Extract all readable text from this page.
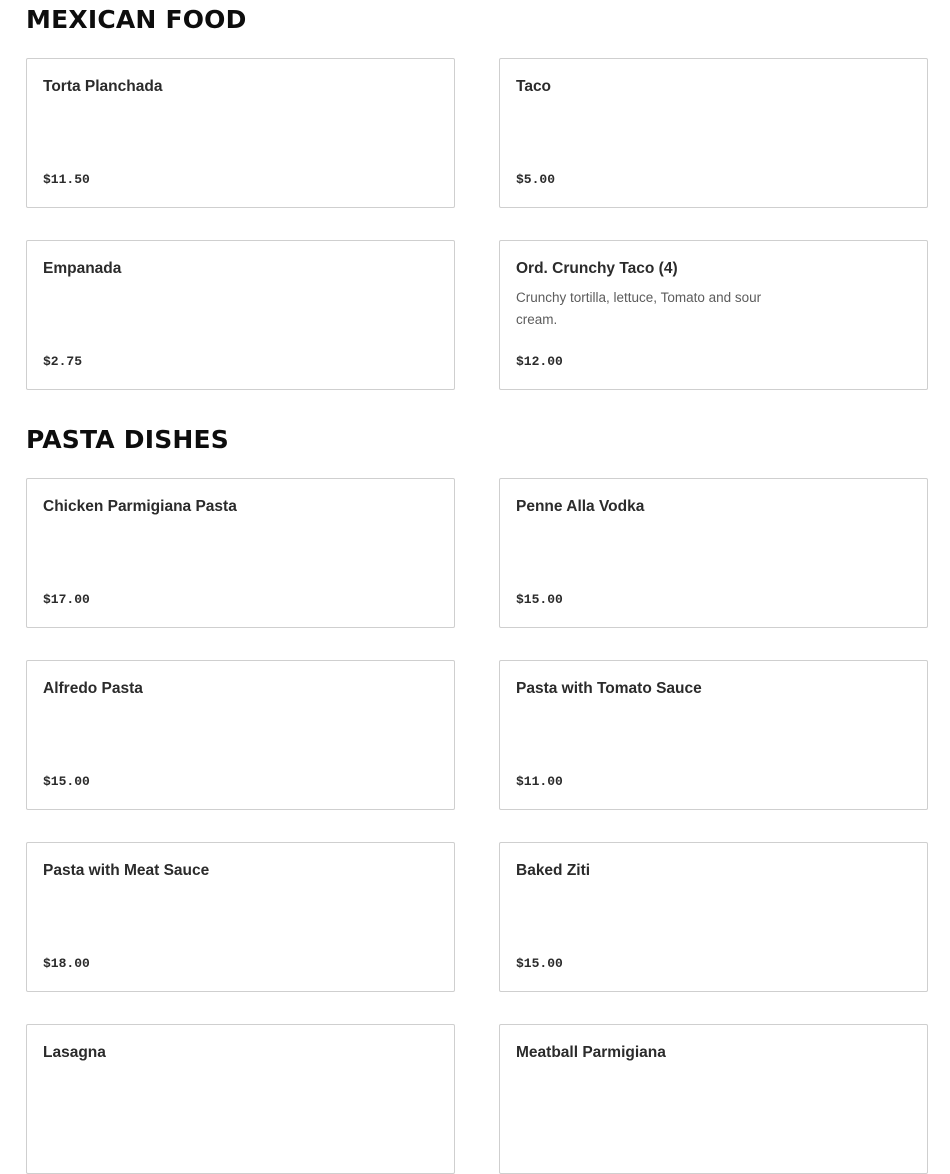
MEXICAN FOOD
Torta Planchada
$11.50
Taco
$5.00
Empanada
$2.75
Ord. Crunchy Taco (4)
Crunchy tortilla, lettuce, Tomato and sour cream.
$12.00
PASTA DISHES
Chicken Parmigiana Pasta
$17.00
Penne Alla Vodka
$15.00
Alfredo Pasta
$15.00
Pasta with Tomato Sauce
$11.00
Pasta with Meat Sauce
$18.00
Baked Ziti
$15.00
Lasagna	Meatball Parmigiana
